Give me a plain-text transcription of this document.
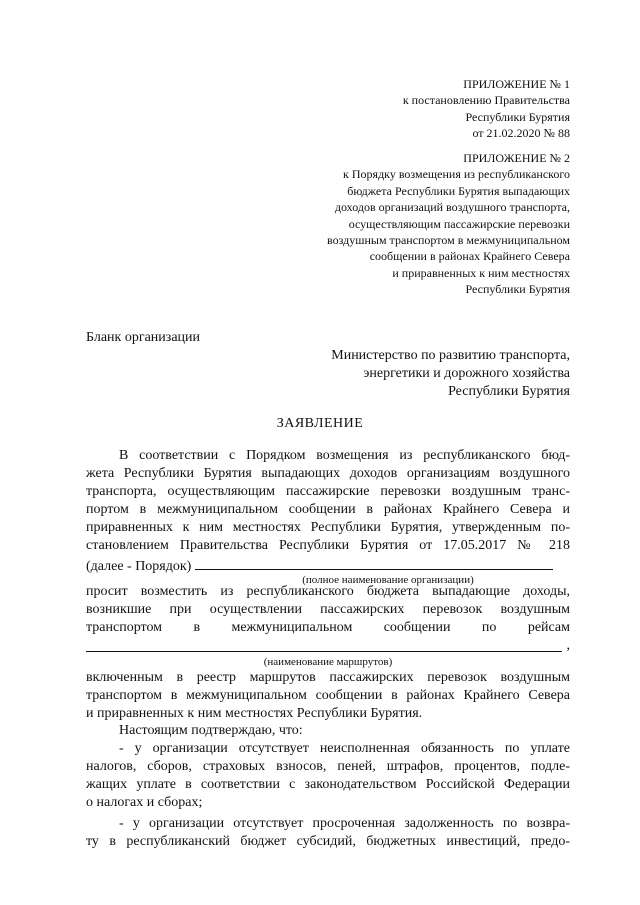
ПРИЛОЖЕНИЕ № 1
к постановлению Правительства
Республики Бурятия
от 21.02.2020 № 88
ПРИЛОЖЕНИЕ № 2
к Порядку возмещения из республиканского
бюджета Республики Бурятия выпадающих
доходов организаций воздушного транспорта,
осуществляющим пассажирские перевозки
воздушным транспортом в межмуниципальном
сообщении в районах Крайнего Севера
и приравненных к ним местностях
Республики Бурятия
Бланк организации
Министерство по развитию транспорта,
энергетики и дорожного хозяйства
Республики Бурятия
ЗАЯВЛЕНИЕ
В соответствии с Порядком возмещения из республиканского бюд-
жета Республики Бурятия выпадающих доходов организациям воздушного
транспорта, осуществляющим пассажирские перевозки воздушным транс-
портом в межмуниципальном сообщении в районах Крайнего Севера и
приравненных к ним местностях Республики Бурятия, утвержденным по-
становлением Правительства Республики Бурятия от 17.05.2017 № 218
(далее - Порядок)
(полное наименование организации)
просит возместить из республиканского бюджета выпадающие доходы,
возникшие при осуществлении пассажирских перевозок воздушным
транспортом в межмуниципальном сообщении по рейсам
,
(наименование маршрутов)
включенным в реестр маршрутов пассажирских перевозок воздушным
транспортом в межмуниципальном сообщении в районах Крайнего Севера
и приравненных к ним местностях Республики Бурятия.
Настоящим подтверждаю, что:
- у организации отсутствует неисполненная обязанность по уплате
налогов, сборов, страховых взносов, пеней, штрафов, процентов, подле-
жащих уплате в соответствии с законодательством Российской Федерации
о налогах и сборах;
- у организации отсутствует просроченная задолженность по возвра-
ту в республиканский бюджет субсидий, бюджетных инвестиций, предо-
